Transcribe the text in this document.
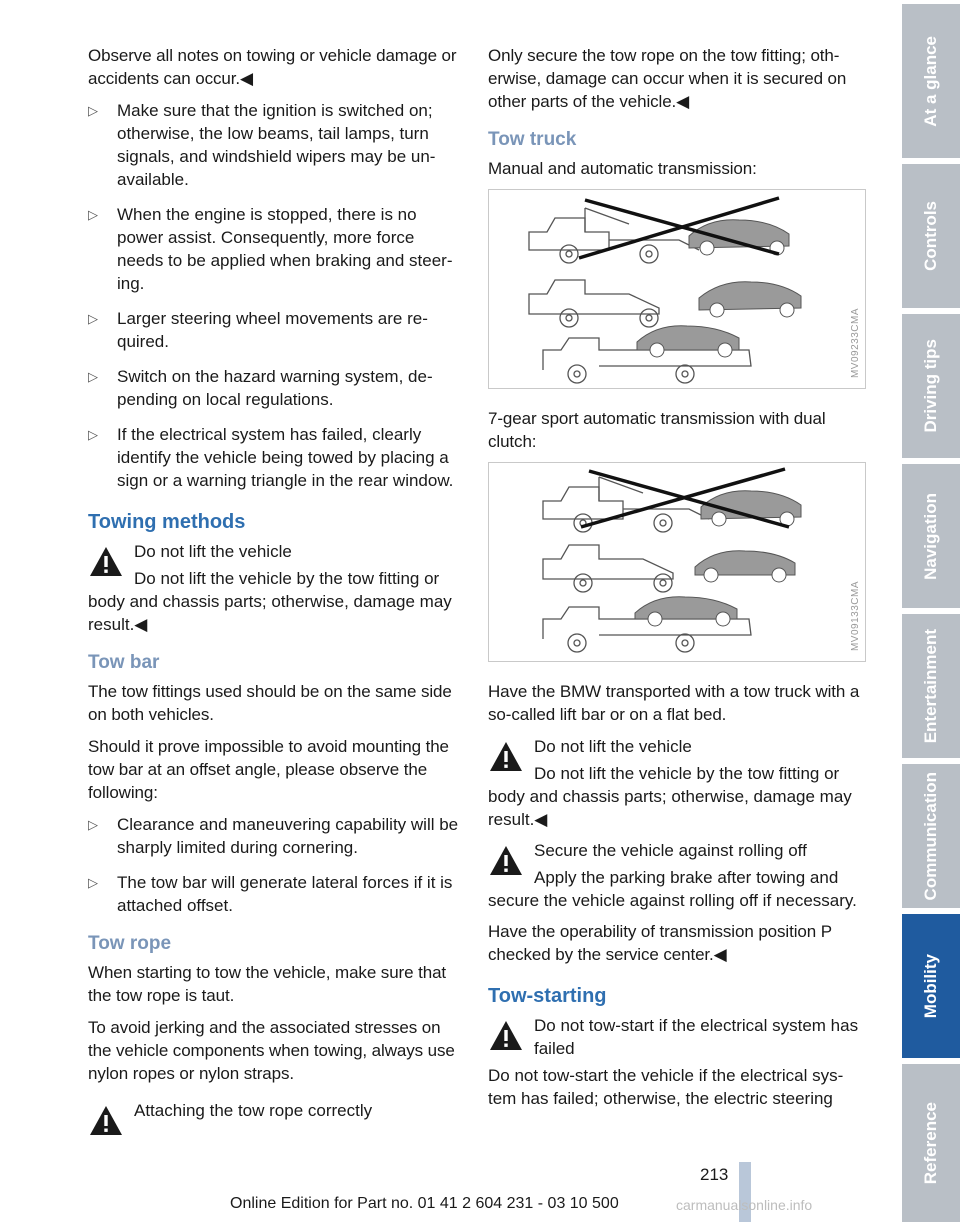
Observe all notes on towing or vehicle damage or accidents can occur.◀

▷ Make sure that the ignition is switched on; otherwise, the low beams, tail lamps, turn signals, and windshield wipers may be unavailable.
▷ When the engine is stopped, there is no power assist. Consequently, more force needs to be applied when braking and steering.
▷ Larger steering wheel movements are required.
▷ Switch on the hazard warning system, depending on local regulations.
▷ If the electrical system has failed, clearly identify the vehicle being towed by placing a sign or a warning triangle in the rear window.
Towing methods
Do not lift the vehicle
Do not lift the vehicle by the tow fitting or body and chassis parts; otherwise, damage may result.◀
Tow bar

The tow fittings used should be on the same side on both vehicles.

Should it prove impossible to avoid mounting the tow bar at an offset angle, please observe the following:

▷ Clearance and maneuvering capability will be sharply limited during cornering.
▷ The tow bar will generate lateral forces if it is attached offset.
Tow rope

When starting to tow the vehicle, make sure that the tow rope is taut.

To avoid jerking and the associated stresses on the vehicle components when towing, always use nylon ropes or nylon straps.

Attaching the tow rope correctly

Only secure the tow rope on the tow fitting; otherwise, damage can occur when it is secured on other parts of the vehicle.◀

Tow truck

Manual and automatic transmission:

MV09233CMA

7-gear sport automatic transmission with dual clutch:

MV09133CMA

Have the BMW transported with a tow truck with a so-called lift bar or on a flat bed.

Do not lift the vehicle
Do not lift the vehicle by the tow fitting or body and chassis parts; otherwise, damage may result.◀
Secure the vehicle against rolling off
Apply the parking brake after towing and secure the vehicle against rolling off if necessary.

Have the operability of transmission position P checked by the service center.◀

Tow-starting
Do not tow-start if the electrical system has failed
Do not tow-start the vehicle if the electrical system has failed; otherwise, the electric steering
At a glance
Controls
Driving tips
Navigation
Entertainment
Communication
Mobility
Reference
213
Online Edition for Part no. 01 41 2 604 231 - 03 10 500	carmanualsonline.info
